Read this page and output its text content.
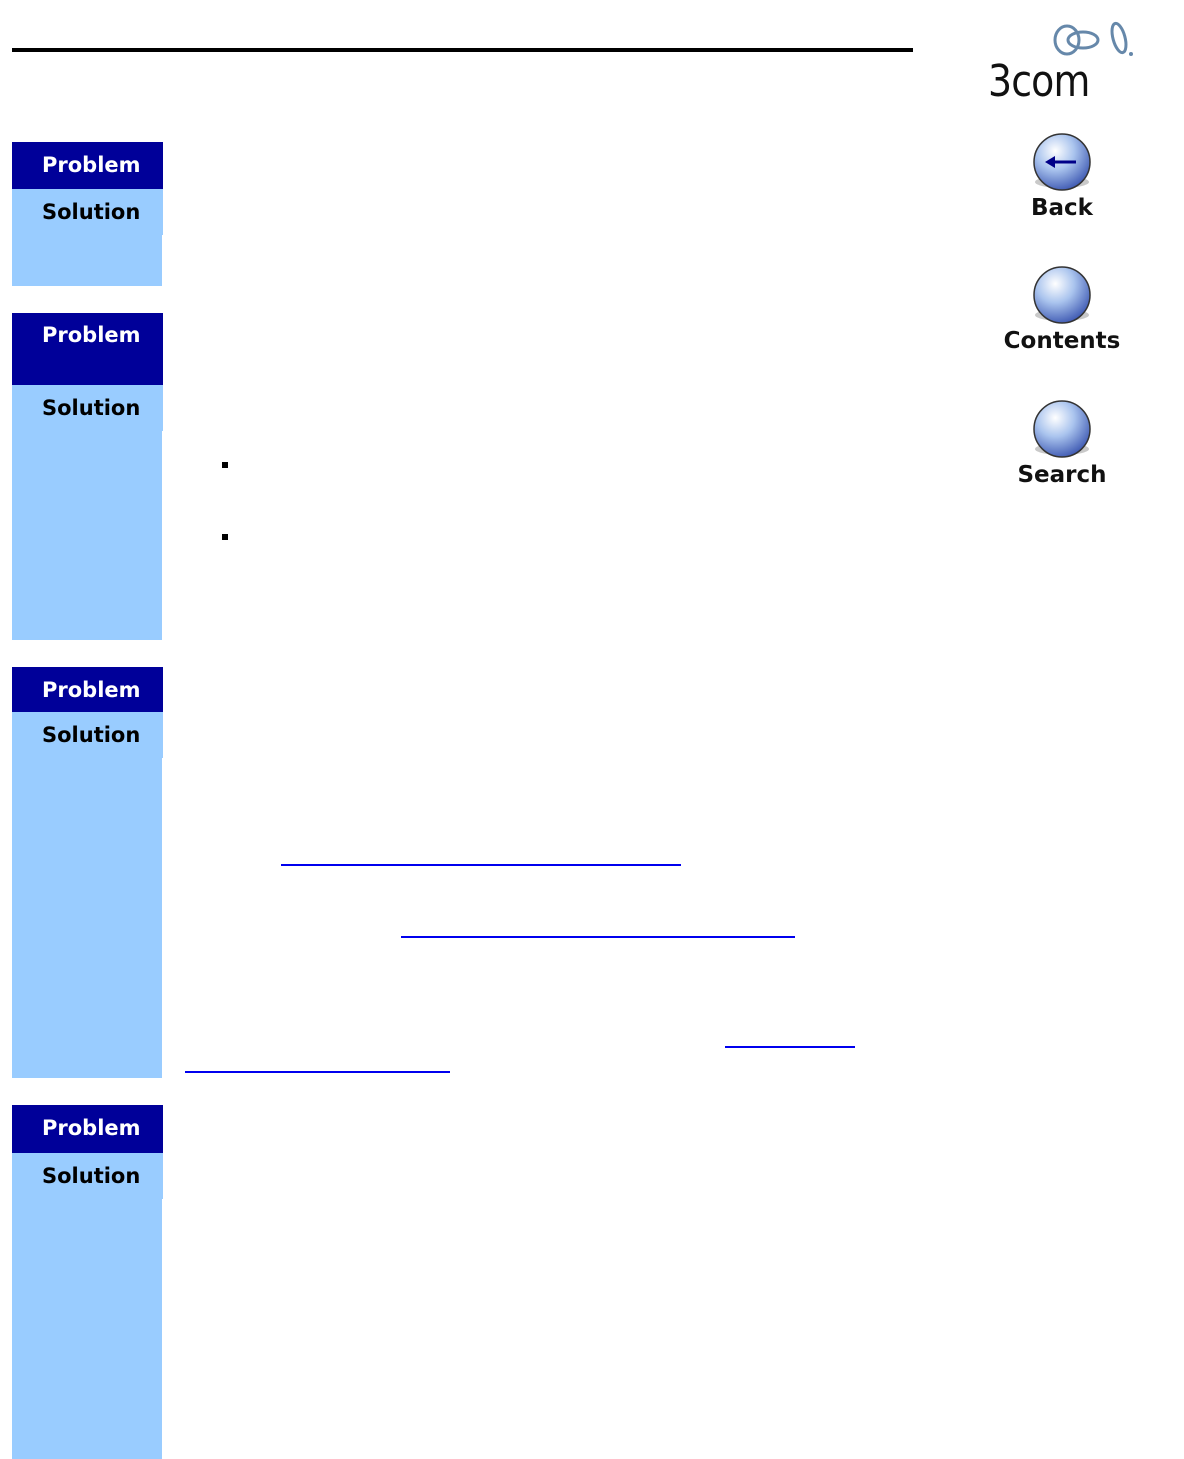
3com
Back
Contents
Search
Problem
Solution
Problem
Solution
Problem
Solution
Problem
Solution
